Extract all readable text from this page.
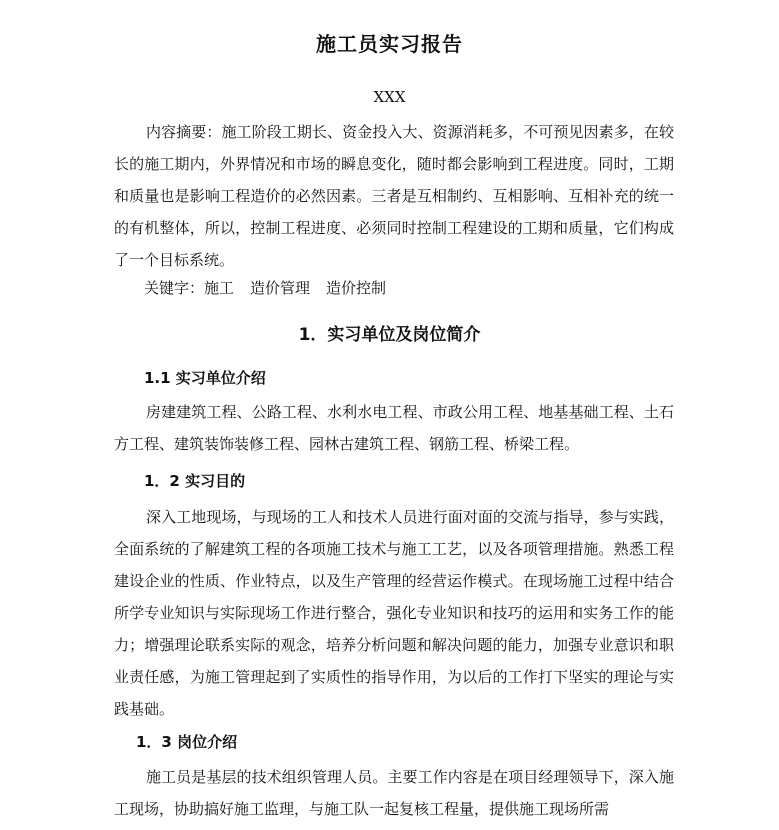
施工员实习报告
XXX

内容摘要：施工阶段工期长、资金投入大、资源消耗多，不可预见因素多，在较长的施工期内，外界情况和市场的瞬息变化，随时都会影响到工程进度。同时，工期和质量也是影响工程造价的必然因素。三者是互相制约、互相影响、互相补充的统一的有机整体，所以，控制工程进度、必须同时控制工程建设的工期和质量，它们构成了一个目标系统。

关键字：施工 造价管理 造价控制
1．实习单位及岗位简介
1.1 实习单位介绍

房建建筑工程、公路工程、水利水电工程、市政公用工程、地基基础工程、土石方工程、建筑装饰装修工程、园林古建筑工程、钢筋工程、桥梁工程。

1．2 实习目的

深入工地现场，与现场的工人和技术人员进行面对面的交流与指导，参与实践，全面系统的了解建筑工程的各项施工技术与施工工艺，以及各项管理措施。熟悉工程建设企业的性质、作业特点，以及生产管理的经营运作模式。在现场施工过程中结合所学专业知识与实际现场工作进行整合，强化专业知识和技巧的运用和实务工作的能力；增强理论联系实际的观念，培养分析问题和解决问题的能力，加强专业意识和职业责任感，为施工管理起到了实质性的指导作用，为以后的工作打下坚实的理论与实践基础。

1．3 岗位介绍

施工员是基层的技术组织管理人员。主要工作内容是在项目经理领导下，深入施工现场，协助搞好施工监理，与施工队一起复核工程量，提供施工现场所需
